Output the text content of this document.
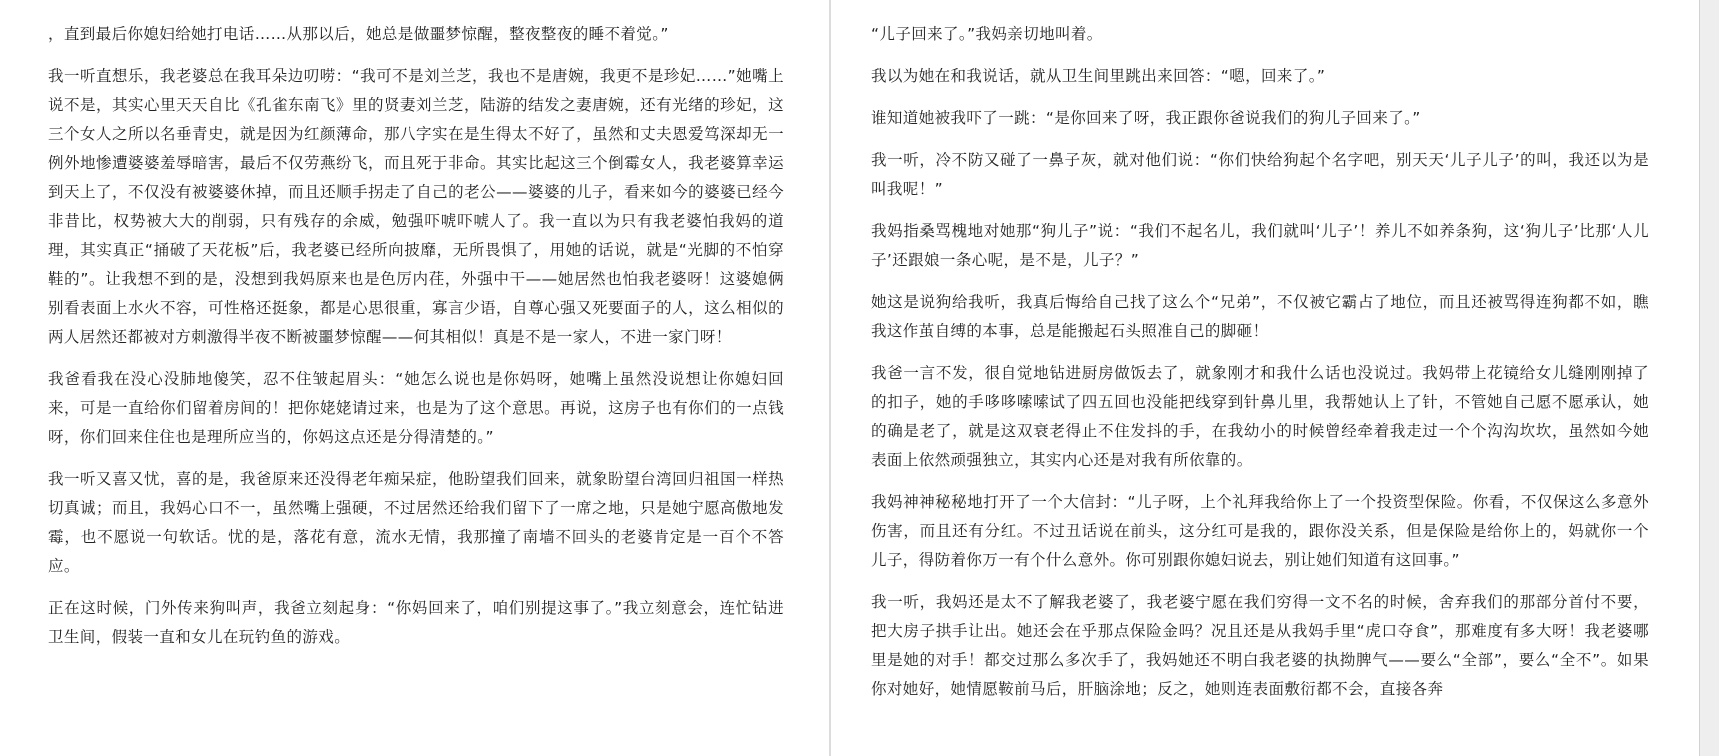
，直到最后你媳妇给她打电话……从那以后，她总是做噩梦惊醒，整夜整夜的睡不着觉。”

我一听直想乐，我老婆总在我耳朵边叨唠：“我可不是刘兰芝，我也不是唐婉，我更不是珍妃……”她嘴上说不是，其实心里天天自比《孔雀东南飞》里的贤妻刘兰芝，陆游的结发之妻唐婉，还有光绪的珍妃，这三个女人之所以名垂青史，就是因为红颜薄命，那八字实在是生得太不好了，虽然和丈夫恩爱笃深却无一例外地惨遭婆婆羞辱暗害，最后不仅劳燕纷飞，而且死于非命。其实比起这三个倒霉女人，我老婆算幸运到天上了，不仅没有被婆婆休掉，而且还顺手拐走了自己的老公——婆婆的儿子，看来如今的婆婆已经今非昔比，权势被大大的削弱，只有残存的余威，勉强吓唬吓唬人了。我一直以为只有我老婆怕我妈的道理，其实真正“捅破了天花板”后，我老婆已经所向披靡，无所畏惧了，用她的话说，就是“光脚的不怕穿鞋的”。让我想不到的是，没想到我妈原来也是色厉内荏，外强中干——她居然也怕我老婆呀！这婆媳俩别看表面上水火不容，可性格还挺象，都是心思很重，寡言少语，自尊心强又死要面子的人，这么相似的两人居然还都被对方刺激得半夜不断被噩梦惊醒——何其相似！真是不是一家人，不进一家门呀！

我爸看我在没心没肺地傻笑，忍不住皱起眉头：“她怎么说也是你妈呀，她嘴上虽然没说想让你媳妇回来，可是一直给你们留着房间的！把你姥姥请过来，也是为了这个意思。再说，这房子也有你们的一点钱呀，你们回来住住也是理所应当的，你妈这点还是分得清楚的。”

我一听又喜又忧，喜的是，我爸原来还没得老年痴呆症，他盼望我们回来，就象盼望台湾回归祖国一样热切真诚；而且，我妈心口不一，虽然嘴上强硬，不过居然还给我们留下了一席之地，只是她宁愿高傲地发霉，也不愿说一句软话。忧的是，落花有意，流水无情，我那撞了南墙不回头的老婆肯定是一百个不答应。

正在这时候，门外传来狗叫声，我爸立刻起身：“你妈回来了，咱们别提这事了。”我立刻意会，连忙钻进卫生间，假装一直和女儿在玩钓鱼的游戏。

“儿子回来了。”我妈亲切地叫着。

我以为她在和我说话，就从卫生间里跳出来回答：“嗯，回来了。”

谁知道她被我吓了一跳：“是你回来了呀，我正跟你爸说我们的狗儿子回来了。”

我一听，冷不防又碰了一鼻子灰，就对他们说：“你们快给狗起个名字吧，别天天‘儿子儿子’的叫，我还以为是叫我呢！”

我妈指桑骂槐地对她那“狗儿子”说：“我们不起名儿，我们就叫‘儿子’！养儿不如养条狗，这‘狗儿子’比那‘人儿子’还跟娘一条心呢，是不是，儿子？”

她这是说狗给我听，我真后悔给自己找了这么个“兄弟”，不仅被它霸占了地位，而且还被骂得连狗都不如，瞧我这作茧自缚的本事，总是能搬起石头照准自己的脚砸！

我爸一言不发，很自觉地钻进厨房做饭去了，就象刚才和我什么话也没说过。我妈带上花镜给女儿缝刚刚掉了的扣子，她的手哆哆嗦嗦试了四五回也没能把线穿到针鼻儿里，我帮她认上了针，不管她自己愿不愿承认，她的确是老了，就是这双衰老得止不住发抖的手，在我幼小的时候曾经牵着我走过一个个沟沟坎坎，虽然如今她表面上依然顽强独立，其实内心还是对我有所依靠的。

我妈神神秘秘地打开了一个大信封：“儿子呀，上个礼拜我给你上了一个投资型保险。你看，不仅保这么多意外伤害，而且还有分红。不过丑话说在前头，这分红可是我的，跟你没关系，但是保险是给你上的，妈就你一个儿子，得防着你万一有个什么意外。你可别跟你媳妇说去，别让她们知道有这回事。”

我一听，我妈还是太不了解我老婆了，我老婆宁愿在我们穷得一文不名的时候，舍弃我们的那部分首付不要，把大房子拱手让出。她还会在乎那点保险金吗？况且还是从我妈手里“虎口夺食”，那难度有多大呀！我老婆哪里是她的对手！都交过那么多次手了，我妈她还不明白我老婆的执拗脾气——要么“全部”，要么“全不”。如果你对她好，她情愿鞍前马后，肝脑涂地；反之，她则连表面敷衍都不会，直接各奔
